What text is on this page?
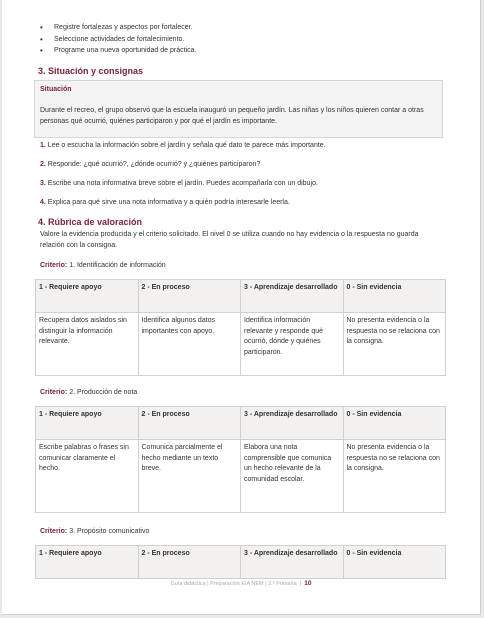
• Registre fortalezas y aspectos por fortalecer.
• Seleccione actividades de fortalecimiento.
• Programe una nueva oportunidad de práctica.
3. Situación y consignas
Situación
Durante el recreo, el grupo observó que la escuela inauguró un pequeño jardín. Las niñas y los niños quieren contar a otras personas qué ocurrió, quiénes participaron y por qué el jardín es importante.
1. Lee o escucha la información sobre el jardín y señala qué dato te parece más importante.
2. Responde: ¿qué ocurrió?, ¿dónde ocurrió? y ¿quiénes participaron?
3. Escribe una nota informativa breve sobre el jardín. Puedes acompañarla con un dibujo.
4. Explica para qué sirve una nota informativa y a quién podría interesarle leerla.
4. Rúbrica de valoración
Valore la evidencia producida y el criterio solicitado. El nivel 0 se utiliza cuando no hay evidencia o la respuesta no guarda relación con la consigna.
Criterio: 1. Identificación de información
1 - Requiere apoyo	2 - En proceso	3 - Aprendizaje desarrollado	0 - Sin evidencia
Recupera datos aislados sin distinguir la información relevante.	Identifica algunos datos importantes con apoyo.	Identifica información relevante y responde qué ocurrió, dónde y quiénes participaron.	No presenta evidencia o la respuesta no se relaciona con la consigna.
Criterio: 2. Producción de nota
1 - Requiere apoyo	2 - En proceso	3 - Aprendizaje desarrollado	0 - Sin evidencia
Escribe palabras o frases sin comunicar claramente el hecho.	Comunica parcialmente el hecho mediante un texto breve.	Elabora una nota comprensible que comunica un hecho relevante de la comunidad escolar.	No presenta evidencia o la respuesta no se relaciona con la consigna.
Criterio: 3. Propósito comunicativo
1 - Requiere apoyo	2 - En proceso	3 - Aprendizaje desarrollado	0 - Sin evidencia
Guía didáctica | Preparación EIA NEM | 2.º Primaria | 10
